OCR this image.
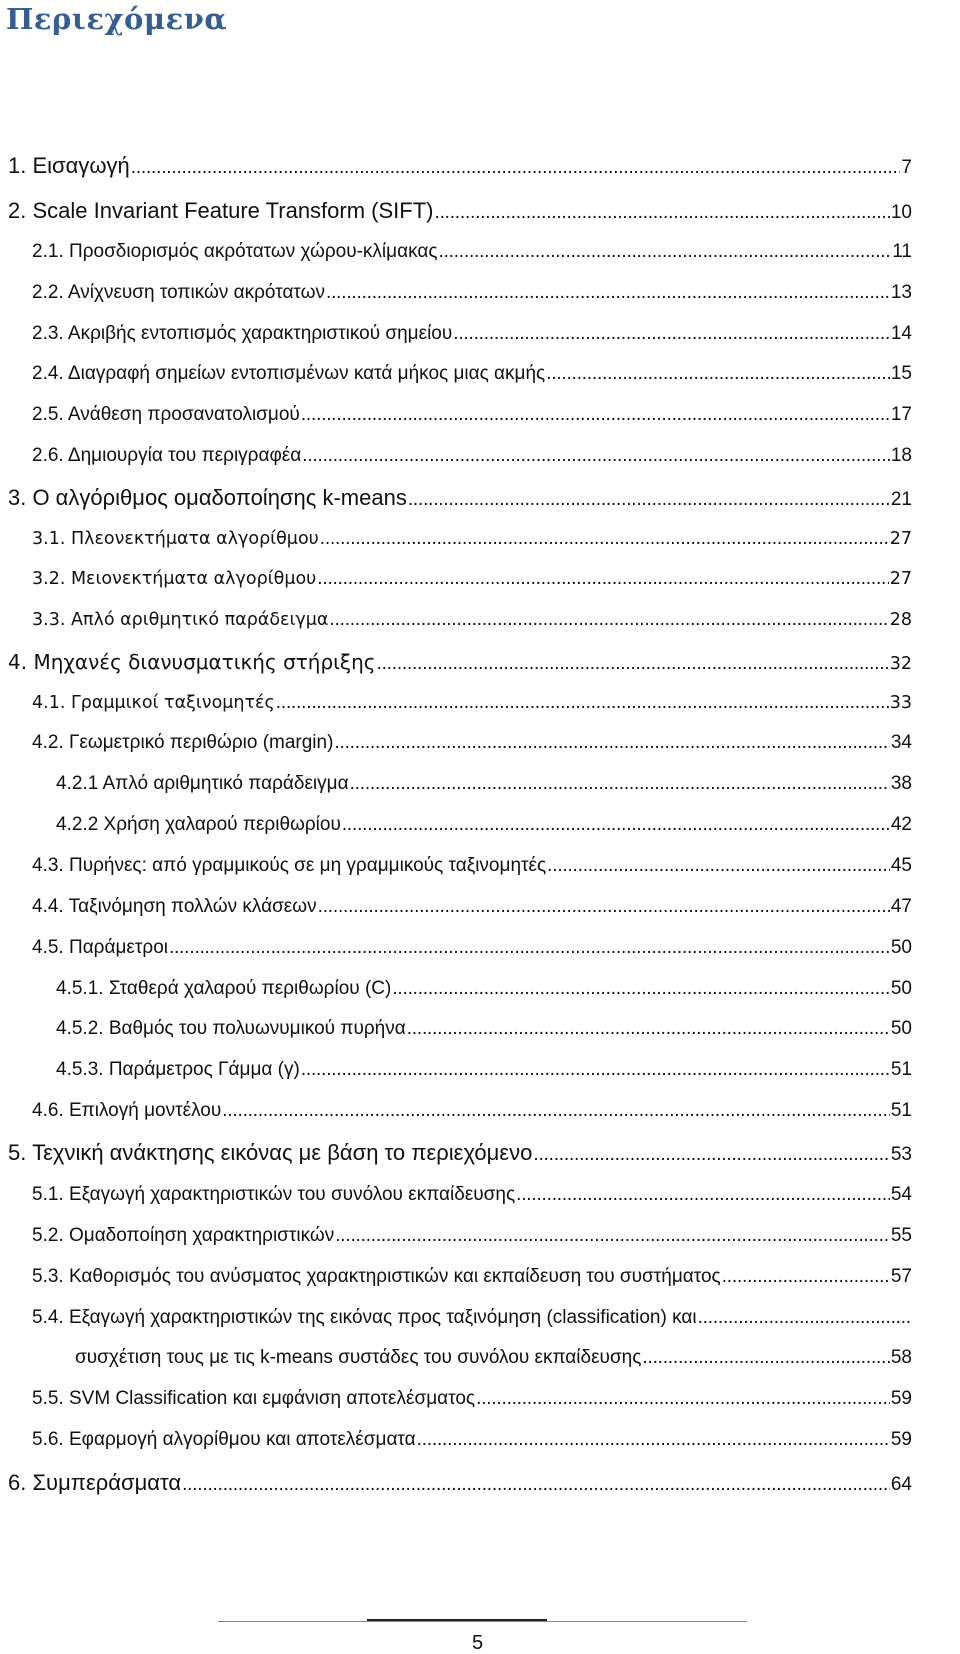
Περιεχόμενα
1. Εισαγωγή .....	7
2. Scale Invariant Feature Transform (SIFT) .....	10
2.1. Προσδιορισμός ακρότατων χώρου-κλίμακας .....	11
2.2. Ανίχνευση τοπικών ακρότατων .....	13
2.3. Ακριβής εντοπισμός χαρακτηριστικού σημείου .....	14
2.4. Διαγραφή σημείων εντοπισμένων κατά μήκος μιας ακμής .....	15
2.5. Ανάθεση προσανατολισμού .....	17
2.6. Δημιουργία του περιγραφέα .....	18
3. Ο αλγόριθμος ομαδοποίησης k-means .....	21
3.1. Πλεονεκτήματα αλγορίθμου .....	27
3.2. Μειονεκτήματα αλγορίθμου .....	27
3.3. Απλό αριθμητικό παράδειγμα .....	28
4. Μηχανές διανυσματικής στήριξης .....	32
4.1. Γραμμικοί ταξινομητές .....	33
4.2. Γεωμετρικό περιθώριο (margin) .....	34
4.2.1 Απλό αριθμητικό παράδειγμα .....	38
4.2.2 Χρήση χαλαρού περιθωρίου .....	42
4.3. Πυρήνες: από γραμμικούς σε μη γραμμικούς ταξινομητές .....	45
4.4. Ταξινόμηση πολλών κλάσεων .....	47
4.5. Παράμετροι .....	50
4.5.1. Σταθερά χαλαρού περιθωρίου (C) .....	50
4.5.2. Βαθμός του πολυωνυμικού πυρήνα .....	50
4.5.3. Παράμετρος Γάμμα (γ) .....	51
4.6. Επιλογή μοντέλου .....	51
5. Τεχνική ανάκτησης εικόνας με βάση το περιεχόμενο .....	53
5.1. Εξαγωγή χαρακτηριστικών του συνόλου εκπαίδευσης .....	54
5.2. Ομαδοποίηση χαρακτηριστικών .....	55
5.3. Καθορισμός του ανύσματος χαρακτηριστικών και εκπαίδευση του συστήματος .....	57
5.4. Εξαγωγή χαρακτηριστικών της εικόνας προς ταξινόμηση (classification) και
.....
συσχέτιση τους με τις k-means συστάδες του συνόλου εκπαίδευσης .....	58
5.5. SVM Classification και εμφάνιση αποτελέσματος .....	59
5.6. Εφαρμογή αλγορίθμου και αποτελέσματα .....	59
6. Συμπεράσματα .....	64
5
